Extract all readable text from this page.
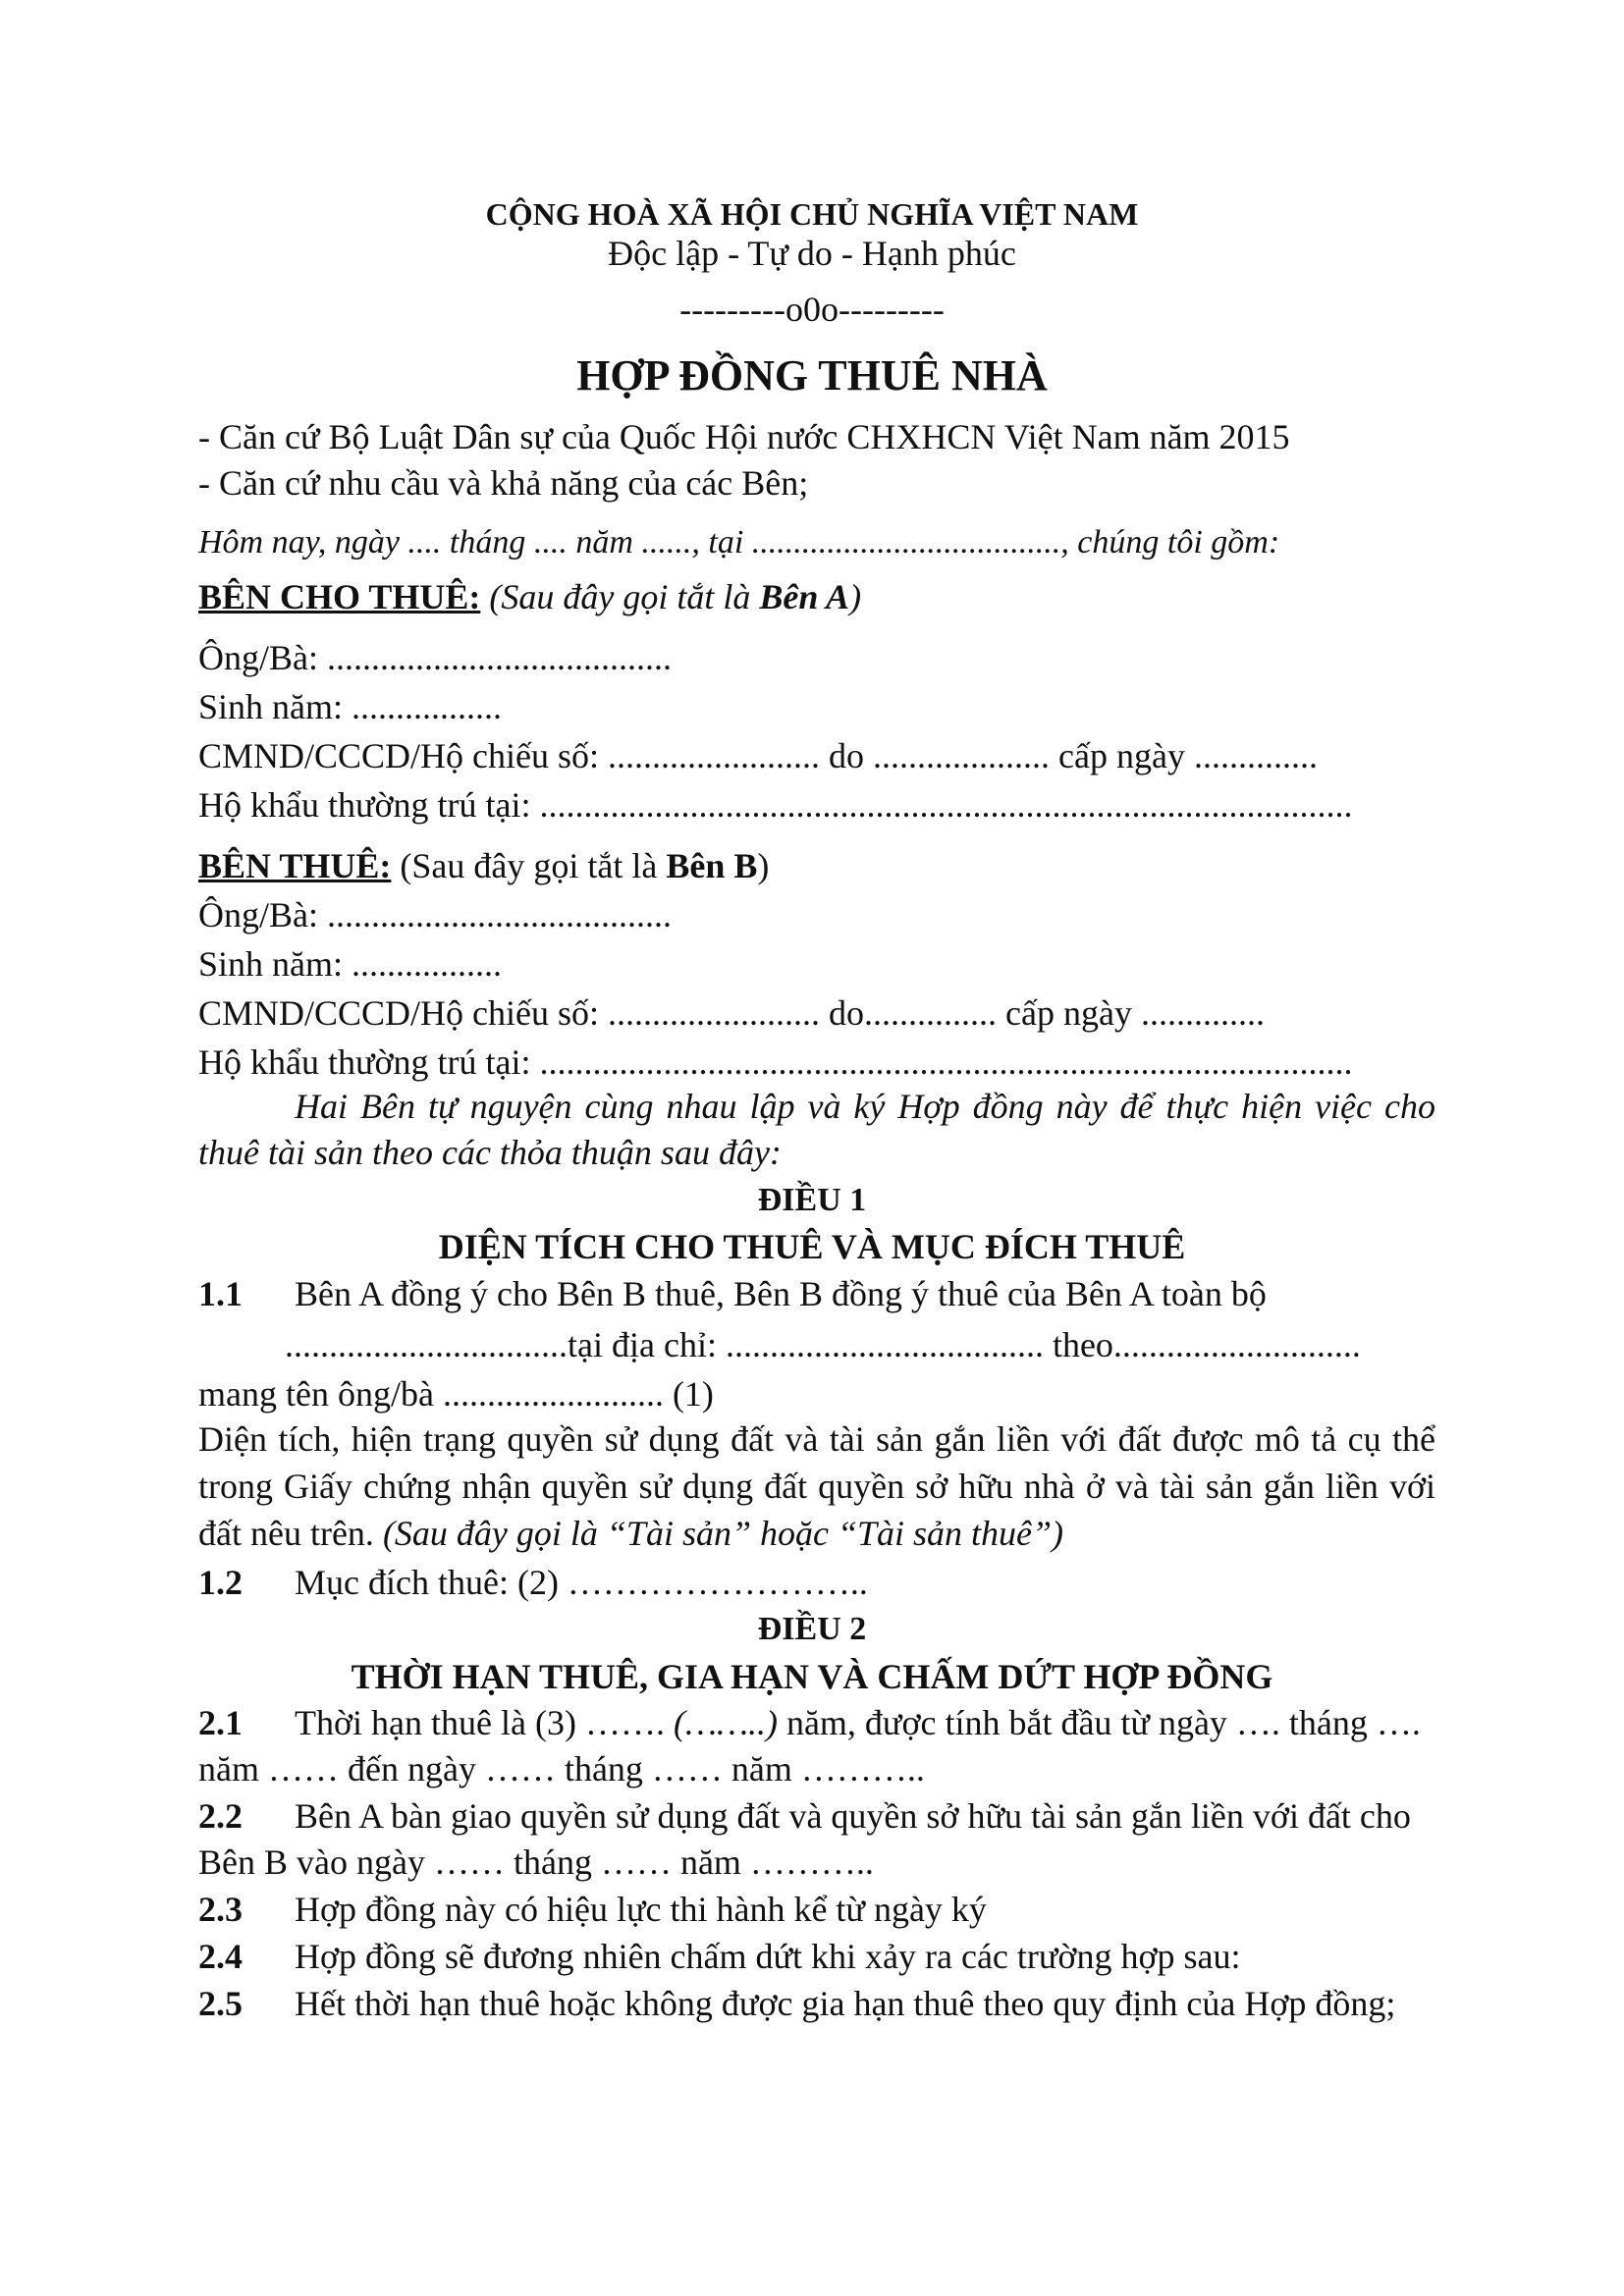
CỘNG HOÀ XÃ HỘI CHỦ NGHĨA VIỆT NAM
Độc lập - Tự do - Hạnh phúc
---------o0o---------
HỢP ĐỒNG THUÊ NHÀ
- Căn cứ Bộ Luật Dân sự của Quốc Hội nước CHXHCN Việt Nam năm 2015
- Căn cứ nhu cầu và khả năng của các Bên;
Hôm nay, ngày .... tháng .... năm ......, tại ....................................., chúng tôi gồm:
BÊN CHO THUÊ: (Sau đây gọi tắt là Bên A)
Ông/Bà: .......................................
Sinh năm: .................
CMND/CCCD/Hộ chiếu số: ........................ do .................... cấp ngày ..............
Hộ khẩu thường trú tại: ............................................................................................
BÊN THUÊ: (Sau đây gọi tắt là Bên B)
Ông/Bà: .......................................
Sinh năm: .................
CMND/CCCD/Hộ chiếu số: ........................ do............... cấp ngày ..............
Hộ khẩu thường trú tại: ............................................................................................
Hai Bên tự nguyện cùng nhau lập và ký Hợp đồng này để thực hiện việc cho
thuê tài sản theo các thỏa thuận sau đây:
ĐIỀU 1
DIỆN TÍCH CHO THUÊ VÀ MỤC ĐÍCH THUÊ
1.1 Bên A đồng ý cho Bên B thuê, Bên B đồng ý thuê của Bên A toàn bộ
................................tại địa chỉ: .................................... theo............................
mang tên ông/bà ......................... (1)
Diện tích, hiện trạng quyền sử dụng đất và tài sản gắn liền với đất được mô tả cụ thể
trong Giấy chứng nhận quyền sử dụng đất quyền sở hữu nhà ở và tài sản gắn liền với
đất nêu trên. (Sau đây gọi là “Tài sản” hoặc “Tài sản thuê”)
1.2 Mục đích thuê: (2) ……………………..
ĐIỀU 2
THỜI HẠN THUÊ, GIA HẠN VÀ CHẤM DỨT HỢP ĐỒNG
2.1 Thời hạn thuê là (3) ……. (……..) năm, được tính bắt đầu từ ngày …. tháng ….
năm …… đến ngày …… tháng …… năm ………..
2.2 Bên A bàn giao quyền sử dụng đất và quyền sở hữu tài sản gắn liền với đất cho
Bên B vào ngày …… tháng …… năm ………..
2.3 Hợp đồng này có hiệu lực thi hành kể từ ngày ký
2.4 Hợp đồng sẽ đương nhiên chấm dứt khi xảy ra các trường hợp sau:
2.5 Hết thời hạn thuê hoặc không được gia hạn thuê theo quy định của Hợp đồng;
